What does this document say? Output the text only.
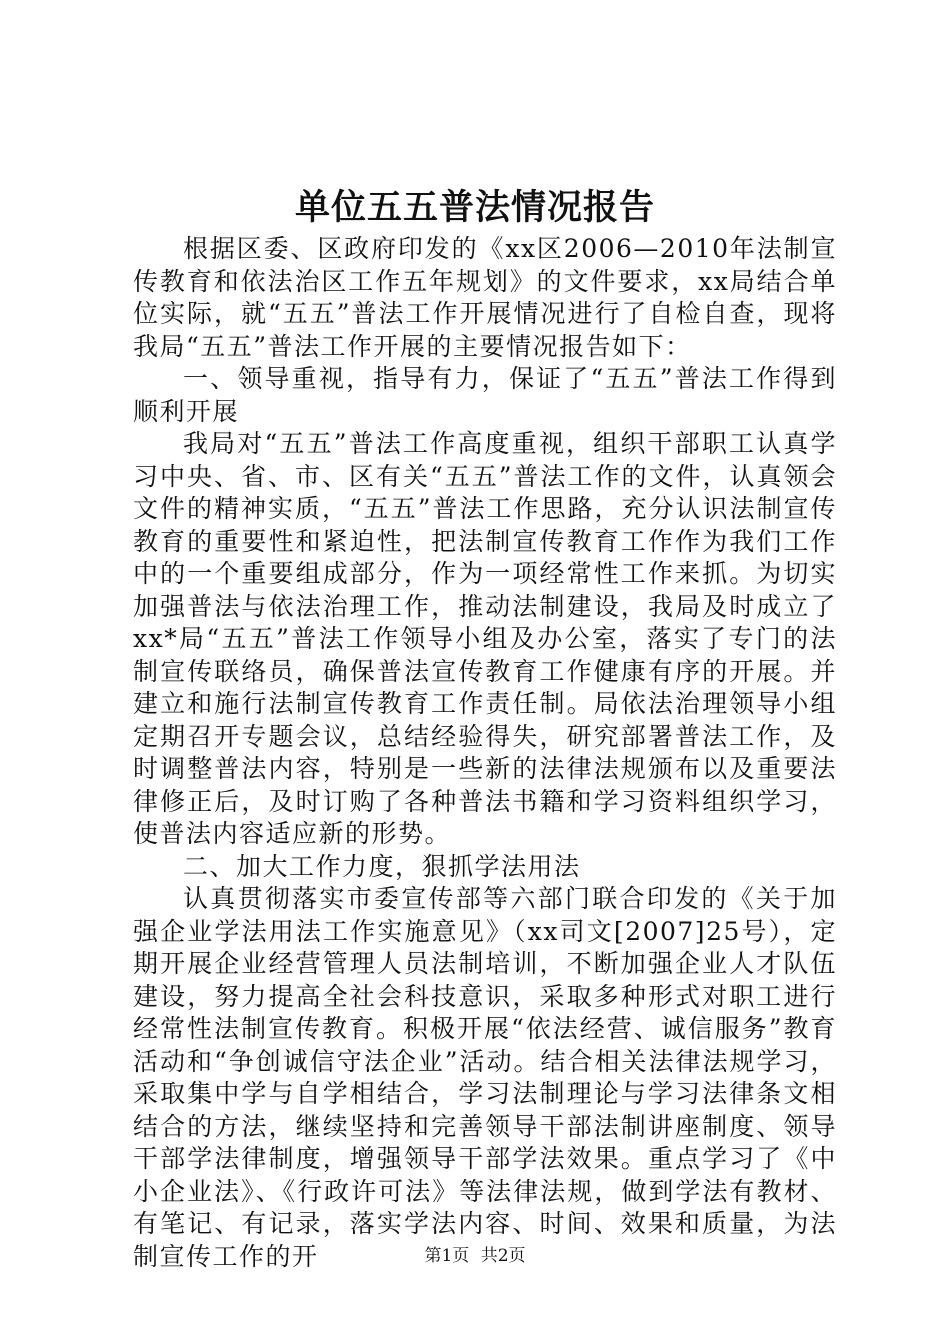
单位五五普法情况报告

根据区委、区政府印发的《xx区2006—2010年法制宣传教育和依法治区工作五年规划》的文件要求，xx局结合单位实际，就“五五”普法工作开展情况进行了自检自查，现将我局“五五”普法工作开展的主要情况报告如下：

一、领导重视，指导有力，保证了“五五”普法工作得到顺利开展

我局对“五五”普法工作高度重视，组织干部职工认真学习中央、省、市、区有关“五五”普法工作的文件，认真领会文件的精神实质，“五五”普法工作思路，充分认识法制宣传教育的重要性和紧迫性，把法制宣传教育工作作为我们工作中的一个重要组成部分，作为一项经常性工作来抓。为切实加强普法与依法治理工作，推动法制建设，我局及时成立了xx*局“五五”普法工作领导小组及办公室，落实了专门的法制宣传联络员，确保普法宣传教育工作健康有序的开展。并建立和施行法制宣传教育工作责任制。局依法治理领导小组定期召开专题会议，总结经验得失，研究部署普法工作，及时调整普法内容，特别是一些新的法律法规颁布以及重要法律修正后，及时订购了各种普法书籍和学习资料组织学习，使普法内容适应新的形势。

二、加大工作力度，狠抓学法用法

认真贯彻落实市委宣传部等六部门联合印发的《关于加强企业学法用法工作实施意见》（xx司文[2007]25号），定期开展企业经营管理人员法制培训，不断加强企业人才队伍建设，努力提高全社会科技意识，采取多种形式对职工进行经常性法制宣传教育。积极开展“依法经营、诚信服务”教育活动和“争创诚信守法企业”活动。结合相关法律法规学习，采取集中学与自学相结合，学习法制理论与学习法律条文相结合的方法，继续坚持和完善领导干部法制讲座制度、领导干部学法律制度，增强领导干部学法效果。重点学习了《中小企业法》、《行政许可法》等法律法规，做到学法有教材、有笔记、有记录，落实学法内容、时间、效果和质量，为法制宣传工作的开	第1页 共2页
